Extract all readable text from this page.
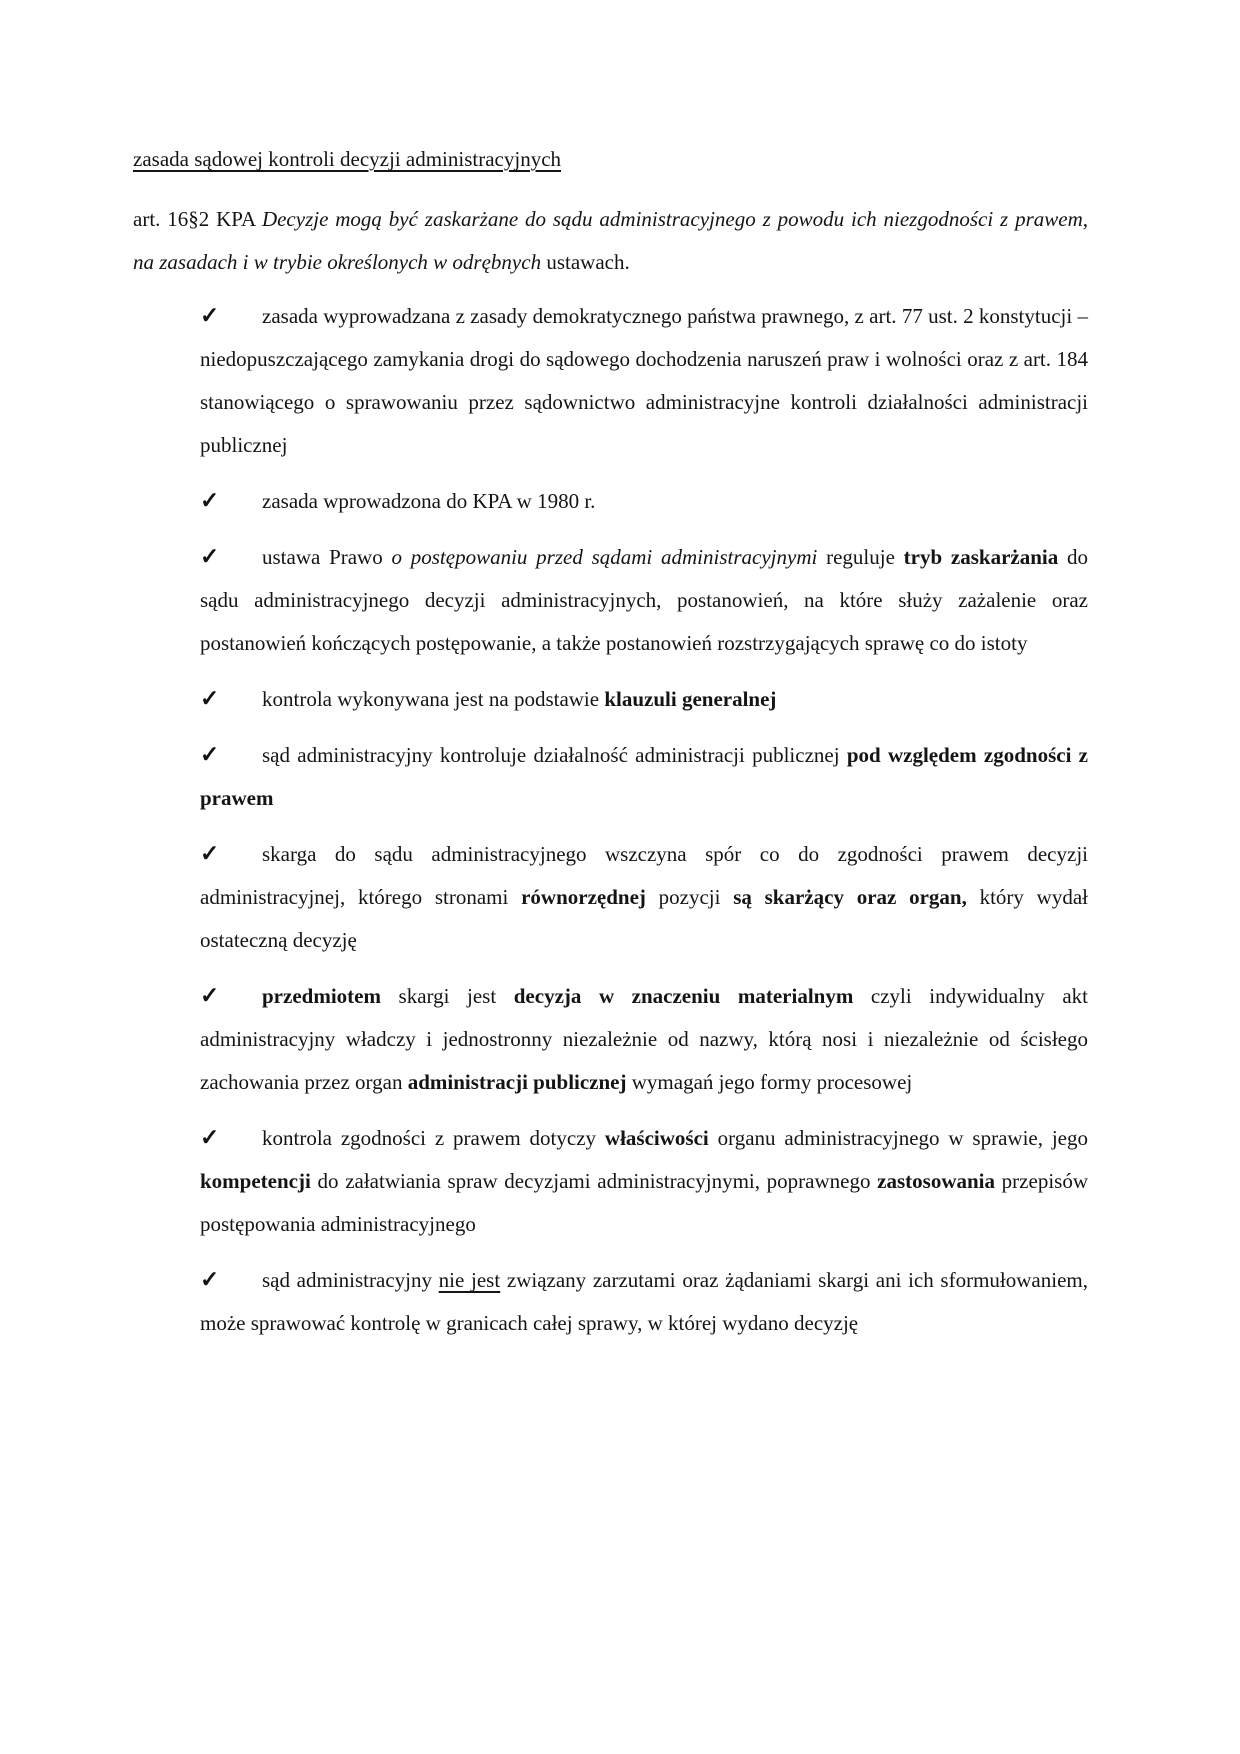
zasada sądowej kontroli decyzji administracyjnych

art. 16§2 KPA Decyzje mogą być zaskarżane do sądu administracyjnego z powodu ich niezgodności z prawem, na zasadach i w trybie określonych w odrębnych ustawach.

✓ zasada wyprowadzana z zasady demokratycznego państwa prawnego, z art. 77 ust. 2 konstytucji – niedopuszczającego zamykania drogi do sądowego dochodzenia naruszeń praw i wolności oraz z art. 184 stanowiącego o sprawowaniu przez sądownictwo administracyjne kontroli działalności administracji publicznej
✓ zasada wprowadzona do KPA w 1980 r.
✓ ustawa Prawo o postępowaniu przed sądami administracyjnymi reguluje tryb zaskarżania do sądu administracyjnego decyzji administracyjnych, postanowień, na które służy zażalenie oraz postanowień kończących postępowanie, a także postanowień rozstrzygających sprawę co do istoty
✓ kontrola wykonywana jest na podstawie klauzuli generalnej
✓ sąd administracyjny kontroluje działalność administracji publicznej pod względem zgodności z prawem
✓ skarga do sądu administracyjnego wszczyna spór co do zgodności prawem decyzji administracyjnej, którego stronami równorzędnej pozycji są skarżący oraz organ, który wydał ostateczną decyzję
✓ przedmiotem skargi jest decyzja w znaczeniu materialnym czyli indywidualny akt administracyjny władczy i jednostronny niezależnie od nazwy, którą nosi i niezależnie od ścisłego zachowania przez organ administracji publicznej wymagań jego formy procesowej
✓ kontrola zgodności z prawem dotyczy właściwości organu administracyjnego w sprawie, jego kompetencji do załatwiania spraw decyzjami administracyjnymi, poprawnego zastosowania przepisów postępowania administracyjnego
✓ sąd administracyjny nie jest związany zarzutami oraz żądaniami skargi ani ich sformułowaniem, może sprawować kontrolę w granicach całej sprawy, w której wydano decyzję
